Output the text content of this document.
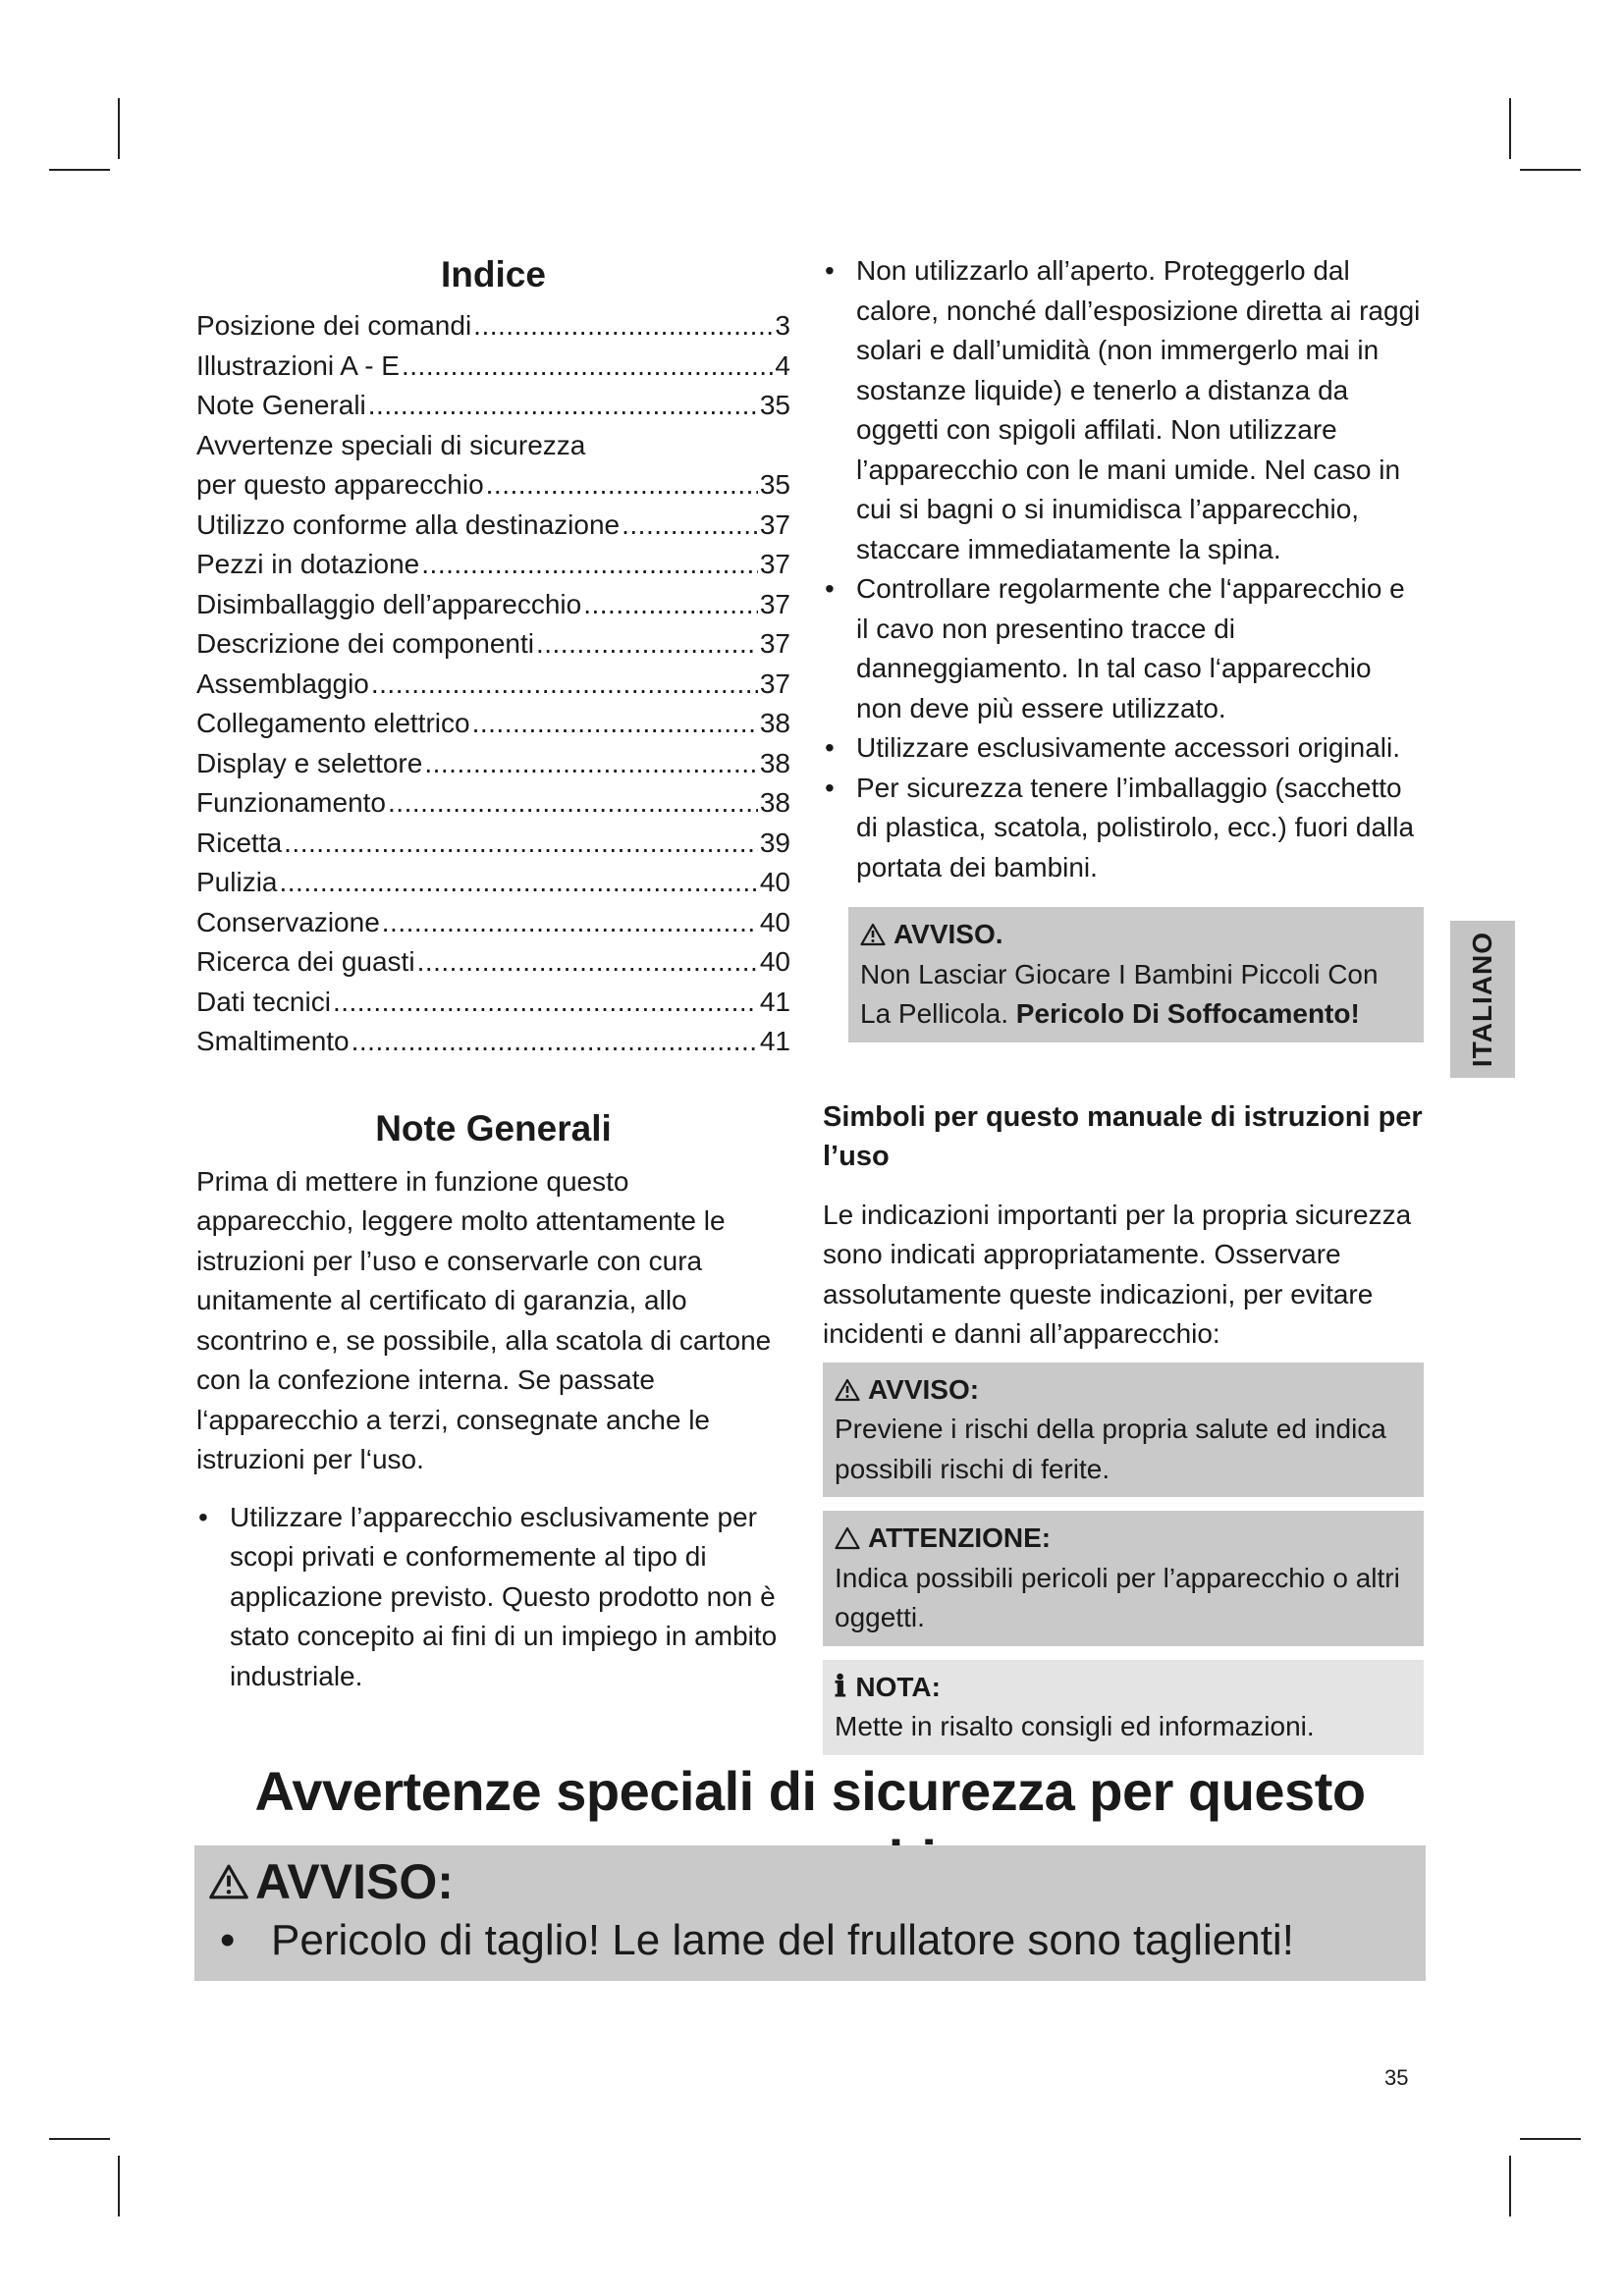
Indice
Posizione dei comandi .....	3
Illustrazioni A - E .....	4
Note Generali .....	35
Avvertenze speciali di sicurezza
per questo apparecchio .....	35
Utilizzo conforme alla destinazione .....	37
Pezzi in dotazione .....	37
Disimballaggio dell’apparecchio .....	37
Descrizione dei componenti .....	37
Assemblaggio .....	37
Collegamento elettrico .....	38
Display e selettore .....	38
Funzionamento .....	38
Ricetta .....	39
Pulizia .....	40
Conservazione .....	40
Ricerca dei guasti .....	40
Dati tecnici .....	41
Smaltimento .....	41
Note Generali

Prima di mettere in funzione questo apparecchio, leggere molto attentamente le istruzioni per l’uso e conservarle con cura unitamente al certificato di garanzia, allo scontrino e, se possibile, alla scatola di cartone con la confezione interna. Se passate l‘apparecchio a terzi, consegnate anche le istruzioni per l‘uso.

• Utilizzare l’apparecchio esclusivamente per scopi privati e conformemente al tipo di applicazione previsto. Questo prodotto non è stato concepito ai fini di un impiego in ambito industriale.
• Non utilizzarlo all’aperto. Proteggerlo dal calore, nonché dall’esposizione diretta ai raggi solari e dall’umidità (non immergerlo mai in sostanze liquide) e tenerlo a distanza da oggetti con spigoli affilati. Non utilizzare l’apparecchio con le mani umide. Nel caso in cui si bagni o si inumidisca l’apparecchio, staccare immediatamente la spina.
• Controllare regolarmente che l‘apparecchio e il cavo non presentino tracce di danneggiamento. In tal caso l‘apparecchio non deve più essere utilizzato.
• Utilizzare esclusivamente accessori originali.
• Per sicurezza tenere l’imballaggio (sacchetto di plastica, scatola, polistirolo, ecc.) fuori dalla portata dei bambini.
AVVISO.
Non Lasciar Giocare I Bambini Piccoli Con La Pellicola. Pericolo Di Soffocamento!
Simboli per questo manuale di istruzioni per l’uso

Le indicazioni importanti per la propria sicurezza sono indicati appropriatamente. Osservare assolutamente queste indicazioni, per evitare incidenti e danni all’apparecchio:

AVVISO:
Previene i rischi della propria salute ed indica possibili rischi di ferite.
ATTENZIONE:
Indica possibili pericoli per l’apparecchio o altri oggetti.
ℹ NOTA:
Mette in risalto consigli ed informazioni.
ITALIANO
Avvertenze speciali di sicurezza per questo
AVVISO:
• Pericolo di taglio! Le lame del frullatore sono taglienti!
35
